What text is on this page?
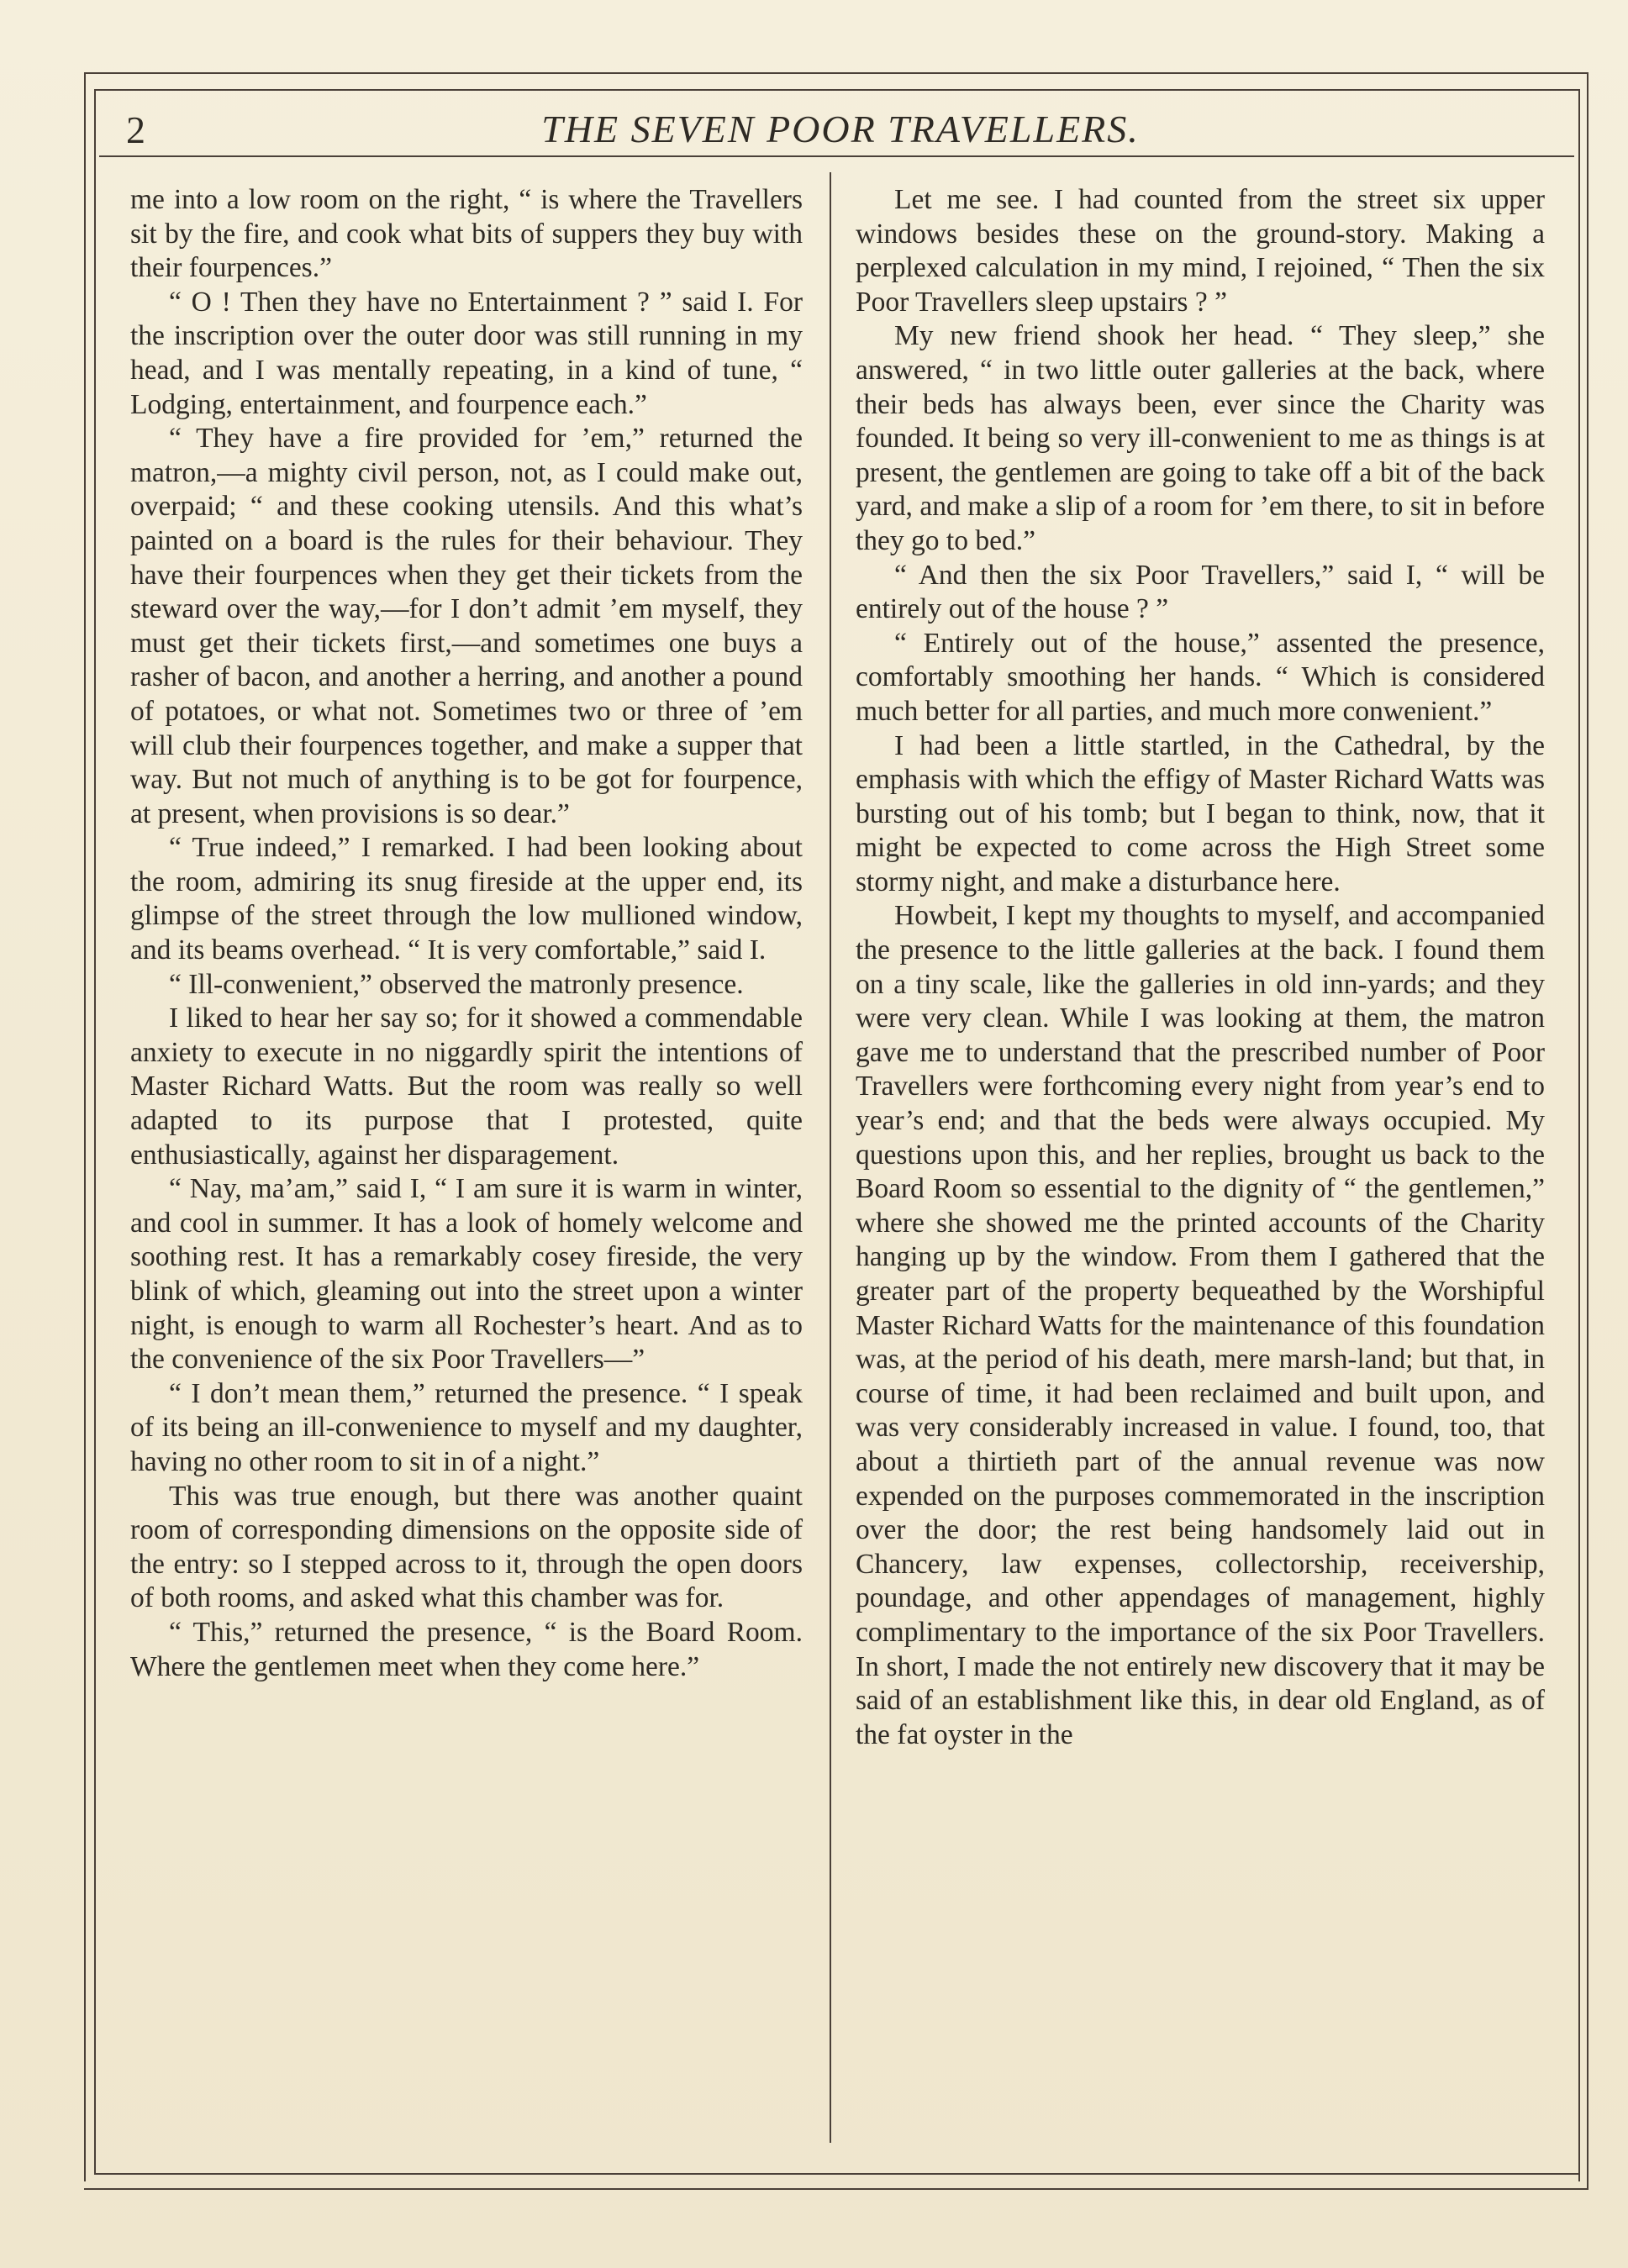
2	THE SEVEN POOR TRAVELLERS.

me into a low room on the right, “ is where the Travellers sit by the fire, and cook what bits of suppers they buy with their fourpences.”

“ O ! Then they have no Entertainment ? ” said I. For the inscription over the outer door was still running in my head, and I was mentally repeating, in a kind of tune, “ Lodging, entertainment, and fourpence each.”

“ They have a fire provided for ’em,” returned the matron,—a mighty civil person, not, as I could make out, overpaid; “ and these cooking utensils. And this what’s painted on a board is the rules for their behaviour. They have their fourpences when they get their tickets from the steward over the way,—for I don’t admit ’em myself, they must get their tickets first,—and sometimes one buys a rasher of bacon, and another a herring, and another a pound of potatoes, or what not. Sometimes two or three of ’em will club their fourpences together, and make a supper that way. But not much of anything is to be got for fourpence, at present, when provisions is so dear.”

“ True indeed,” I remarked. I had been looking about the room, admiring its snug fireside at the upper end, its glimpse of the street through the low mullioned window, and its beams overhead. “ It is very comfortable,” said I.

“ Ill-conwenient,” observed the matronly presence.

I liked to hear her say so; for it showed a commendable anxiety to execute in no niggardly spirit the intentions of Master Richard Watts. But the room was really so well adapted to its purpose that I protested, quite enthusiastically, against her disparagement.

“ Nay, ma’am,” said I, “ I am sure it is warm in winter, and cool in summer. It has a look of homely welcome and soothing rest. It has a remarkably cosey fireside, the very blink of which, gleaming out into the street upon a winter night, is enough to warm all Rochester’s heart. And as to the convenience of the six Poor Travellers—”

“ I don’t mean them,” returned the presence. “ I speak of its being an ill-conwenience to myself and my daughter, having no other room to sit in of a night.”

This was true enough, but there was another quaint room of corresponding dimensions on the opposite side of the entry: so I stepped across to it, through the open doors of both rooms, and asked what this chamber was for.

“ This,” returned the presence, “ is the Board Room. Where the gentlemen meet when they come here.”

Let me see. I had counted from the street six upper windows besides these on the ground-story. Making a perplexed calculation in my mind, I rejoined, “ Then the six Poor Travellers sleep upstairs ? ”

My new friend shook her head. “ They sleep,” she answered, “ in two little outer galleries at the back, where their beds has always been, ever since the Charity was founded. It being so very ill-conwenient to me as things is at present, the gentlemen are going to take off a bit of the back yard, and make a slip of a room for ’em there, to sit in before they go to bed.”

“ And then the six Poor Travellers,” said I, “ will be entirely out of the house ? ”

“ Entirely out of the house,” assented the presence, comfortably smoothing her hands. “ Which is considered much better for all parties, and much more conwenient.”

I had been a little startled, in the Cathedral, by the emphasis with which the effigy of Master Richard Watts was bursting out of his tomb; but I began to think, now, that it might be expected to come across the High Street some stormy night, and make a disturbance here.

Howbeit, I kept my thoughts to myself, and accompanied the presence to the little galleries at the back. I found them on a tiny scale, like the galleries in old inn-yards; and they were very clean. While I was looking at them, the matron gave me to understand that the prescribed number of Poor Travellers were forthcoming every night from year’s end to year’s end; and that the beds were always occupied. My questions upon this, and her replies, brought us back to the Board Room so essential to the dignity of “ the gentlemen,” where she showed me the printed accounts of the Charity hanging up by the window. From them I gathered that the greater part of the property bequeathed by the Worshipful Master Richard Watts for the maintenance of this foundation was, at the period of his death, mere marsh-land; but that, in course of time, it had been reclaimed and built upon, and was very considerably increased in value. I found, too, that about a thirtieth part of the annual revenue was now expended on the purposes commemorated in the inscription over the door; the rest being handsomely laid out in Chancery, law expenses, collectorship, receivership, poundage, and other appendages of management, highly complimentary to the importance of the six Poor Travellers. In short, I made the not entirely new discovery that it may be said of an establishment like this, in dear old England, as of the fat oyster in the
